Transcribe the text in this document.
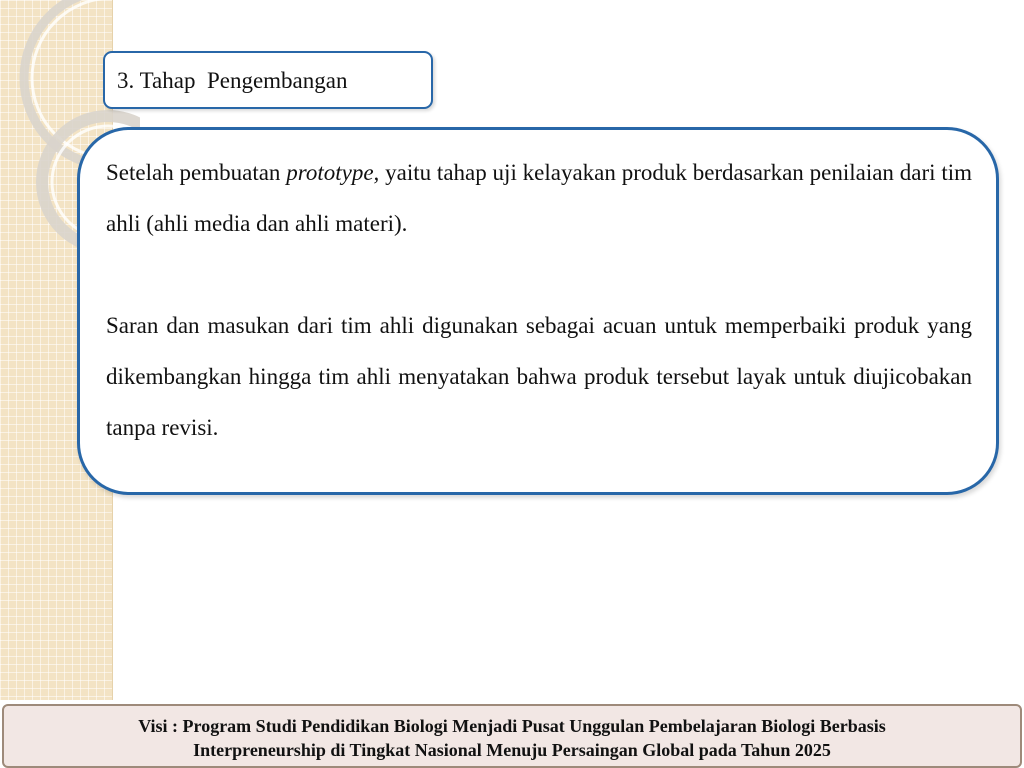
3. Tahap  Pengembangan

Setelah pembuatan prototype, yaitu tahap uji kelayakan produk berdasarkan penilaian dari tim ahli (ahli media dan ahli materi).

Saran dan masukan dari tim ahli digunakan sebagai acuan untuk memperbaiki produk yang dikembangkan hingga tim ahli menyatakan bahwa produk tersebut layak untuk diujicobakan tanpa revisi.

Visi : Program Studi Pendidikan Biologi Menjadi Pusat Unggulan Pembelajaran Biologi Berbasis
Interpreneurship di Tingkat Nasional Menuju Persaingan Global pada Tahun 2025
